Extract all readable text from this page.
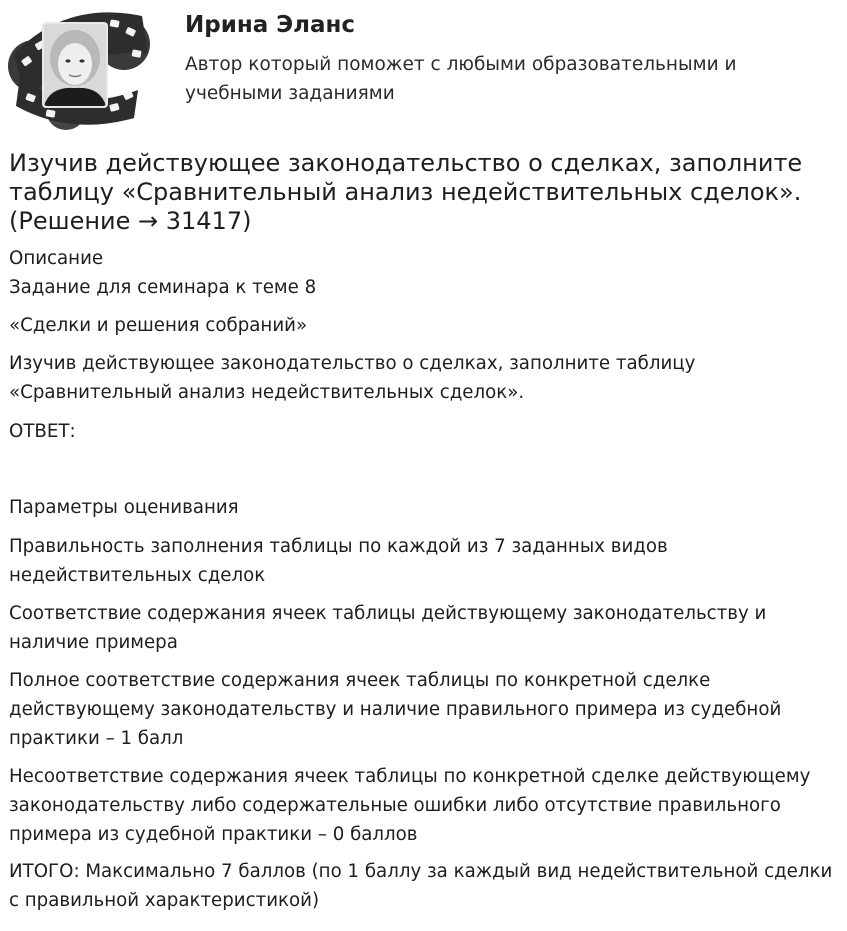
Ирина Эланс

Автор который поможет с любыми образовательными и учебными заданиями

Изучив действующее законодательство о сделках, заполните таблицу «Сравнительный анализ недействительных сделок». (Решение → 31417)

Описание

Задание для семинара к теме 8

«Сделки и решения собраний»

Изучив действующее законодательство о сделках, заполните таблицу «Сравнительный анализ недействительных сделок».

ОТВЕТ:

Параметры оценивания

Правильность заполнения таблицы по каждой из 7 заданных видов недействительных сделок

Соответствие содержания ячеек таблицы действующему законодательству и наличие примера

Полное соответствие содержания ячеек таблицы по конкретной сделке действующему законодательству и наличие правильного примера из судебной практики – 1 балл

Несоответствие содержания ячеек таблицы по конкретной сделке действующему законодательству либо содержательные ошибки либо отсутствие правильного примера из судебной практики – 0 баллов

ИТОГО: Максимально 7 баллов (по 1 баллу за каждый вид недействительной сделки с правильной характеристикой)
